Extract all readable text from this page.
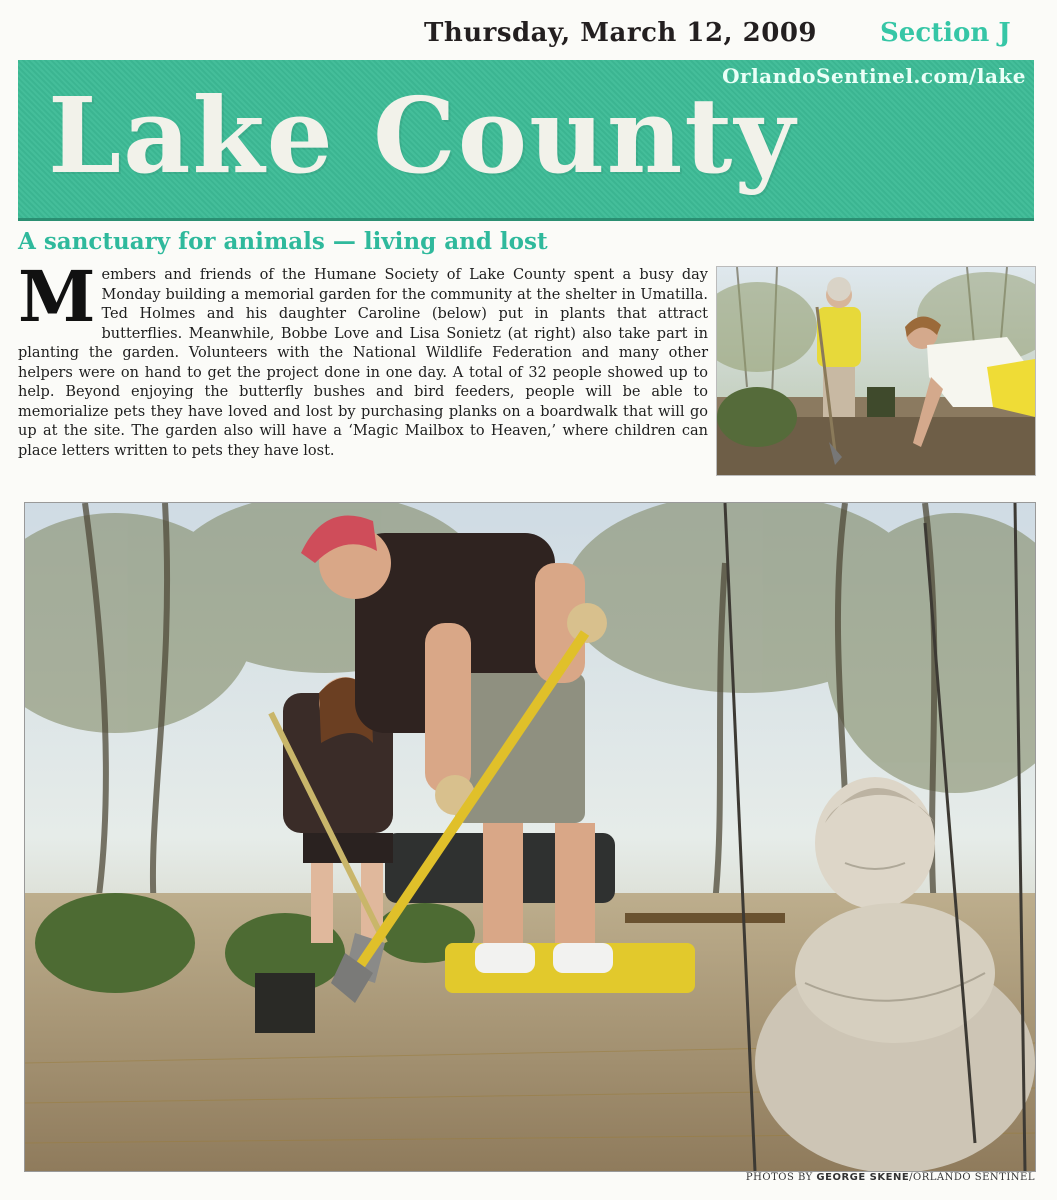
Thursday, March 12, 2009 Section J
OrlandoSentinel.com/lake
Lake County
A sanctuary for animals — living and lost
Members and friends of the Humane Society of Lake County spent a busy day Monday building a memorial garden for the community at the shelter in Umatilla. Ted Holmes and his daughter Caroline (below) put in plants that attract butterflies. Meanwhile, Bobbe Love and Lisa Sonietz (at right) also take part in planting the garden. Volunteers with the National Wildlife Federation and many other helpers were on hand to get the project done in one day. A total of 32 people showed up to help. Beyond enjoying the butterfly bushes and bird feeders, people will be able to memorialize pets they have loved and lost by purchasing planks on a boardwalk that will go up at the site. The garden also will have a ‘Magic Mailbox to Heaven,’ where children can place letters written to pets they have lost.
PHOTOS BY GEORGE SKENE/ORLANDO SENTINEL
